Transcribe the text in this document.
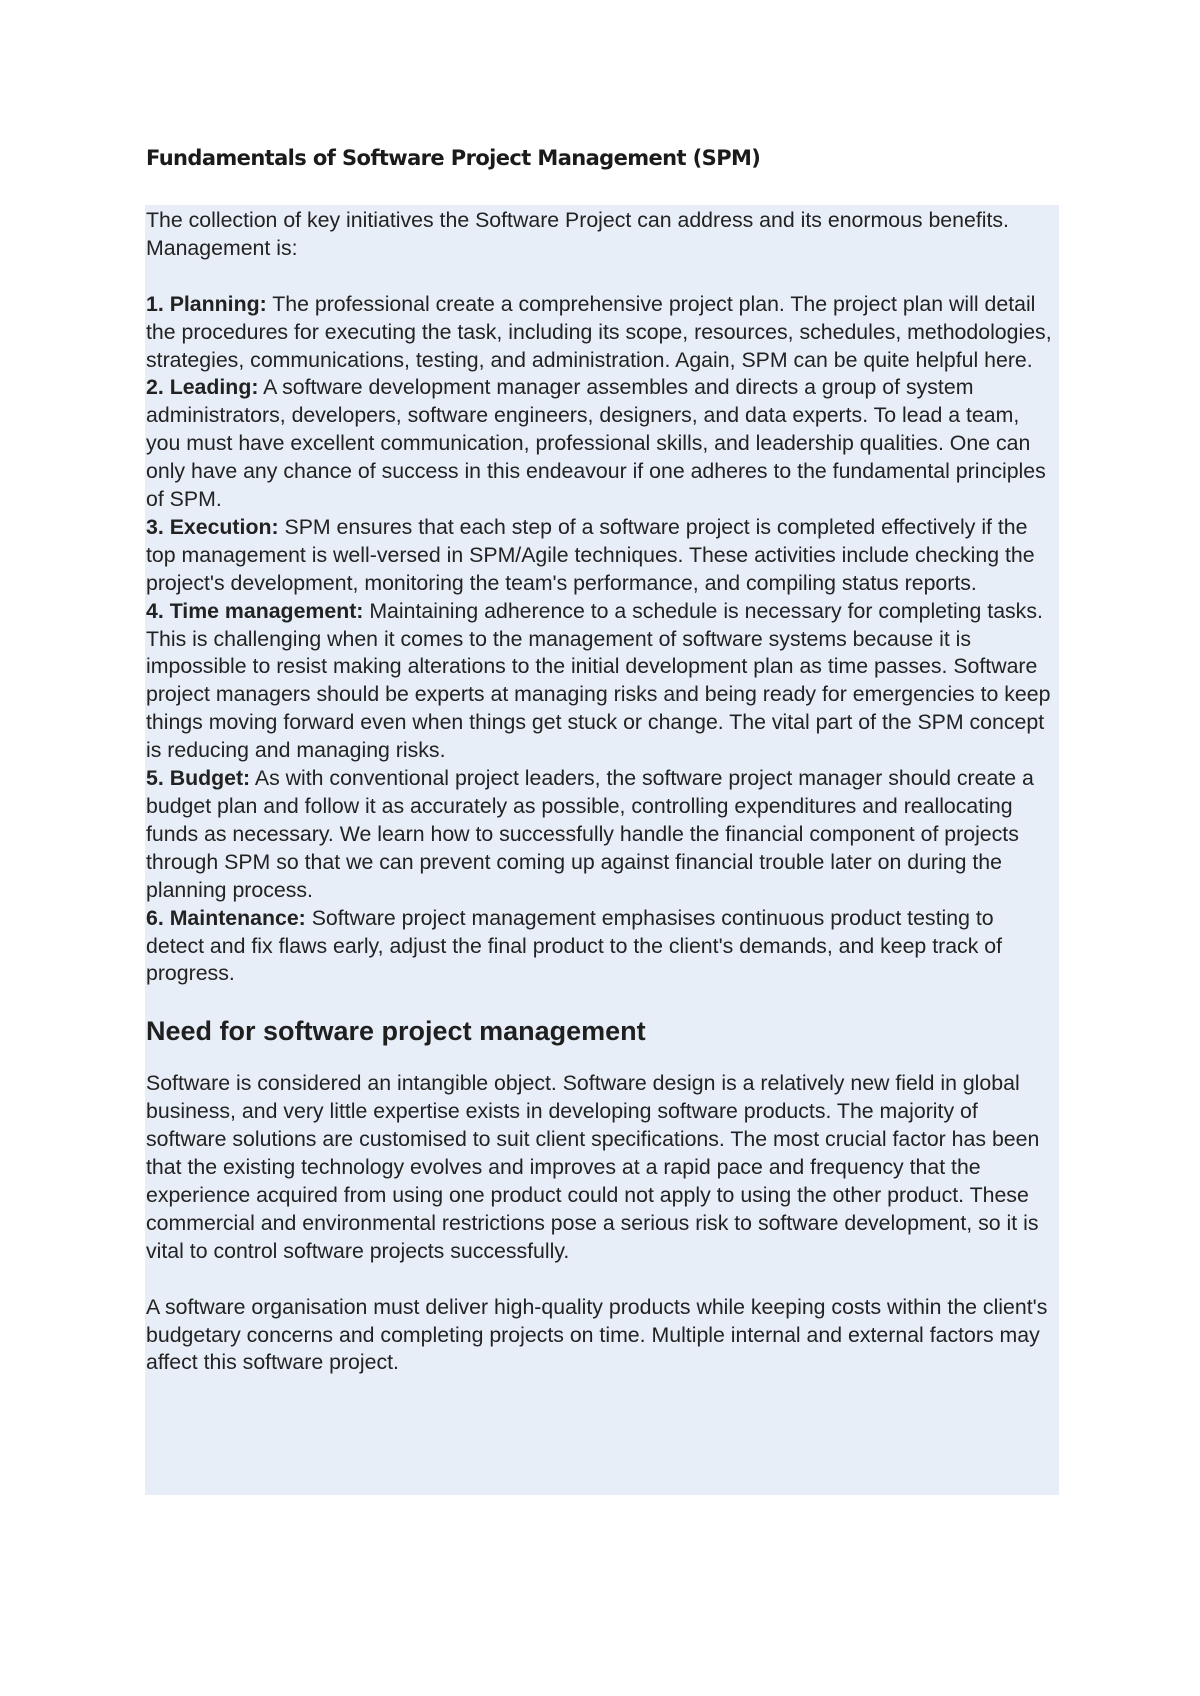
Fundamentals of Software Project Management (SPM)

The collection of key initiatives the Software Project can address and its enormous benefits. Management is:

1. Planning: The professional create a comprehensive project plan. The project plan will detail the procedures for executing the task, including its scope, resources, schedules, methodologies, strategies, communications, testing, and administration. Again, SPM can be quite helpful here.

2. Leading: A software development manager assembles and directs a group of system administrators, developers, software engineers, designers, and data experts. To lead a team, you must have excellent communication, professional skills, and leadership qualities. One can only have any chance of success in this endeavour if one adheres to the fundamental principles of SPM.

3. Execution: SPM ensures that each step of a software project is completed effectively if the top management is well-versed in SPM/Agile techniques. These activities include checking the project's development, monitoring the team's performance, and compiling status reports.

4. Time management: Maintaining adherence to a schedule is necessary for completing tasks. This is challenging when it comes to the management of software systems because it is impossible to resist making alterations to the initial development plan as time passes. Software project managers should be experts at managing risks and being ready for emergencies to keep things moving forward even when things get stuck or change. The vital part of the SPM concept is reducing and managing risks.

5. Budget: As with conventional project leaders, the software project manager should create a budget plan and follow it as accurately as possible, controlling expenditures and reallocating funds as necessary. We learn how to successfully handle the financial component of projects through SPM so that we can prevent coming up against financial trouble later on during the planning process.

6. Maintenance: Software project management emphasises continuous product testing to detect and fix flaws early, adjust the final product to the client's demands, and keep track of progress.

Need for software project management

Software is considered an intangible object. Software design is a relatively new field in global business, and very little expertise exists in developing software products. The majority of software solutions are customised to suit client specifications. The most crucial factor has been that the existing technology evolves and improves at a rapid pace and frequency that the experience acquired from using one product could not apply to using the other product. These commercial and environmental restrictions pose a serious risk to software development, so it is vital to control software projects successfully.

A software organisation must deliver high-quality products while keeping costs within the client's budgetary concerns and completing projects on time. Multiple internal and external factors may affect this software project.
